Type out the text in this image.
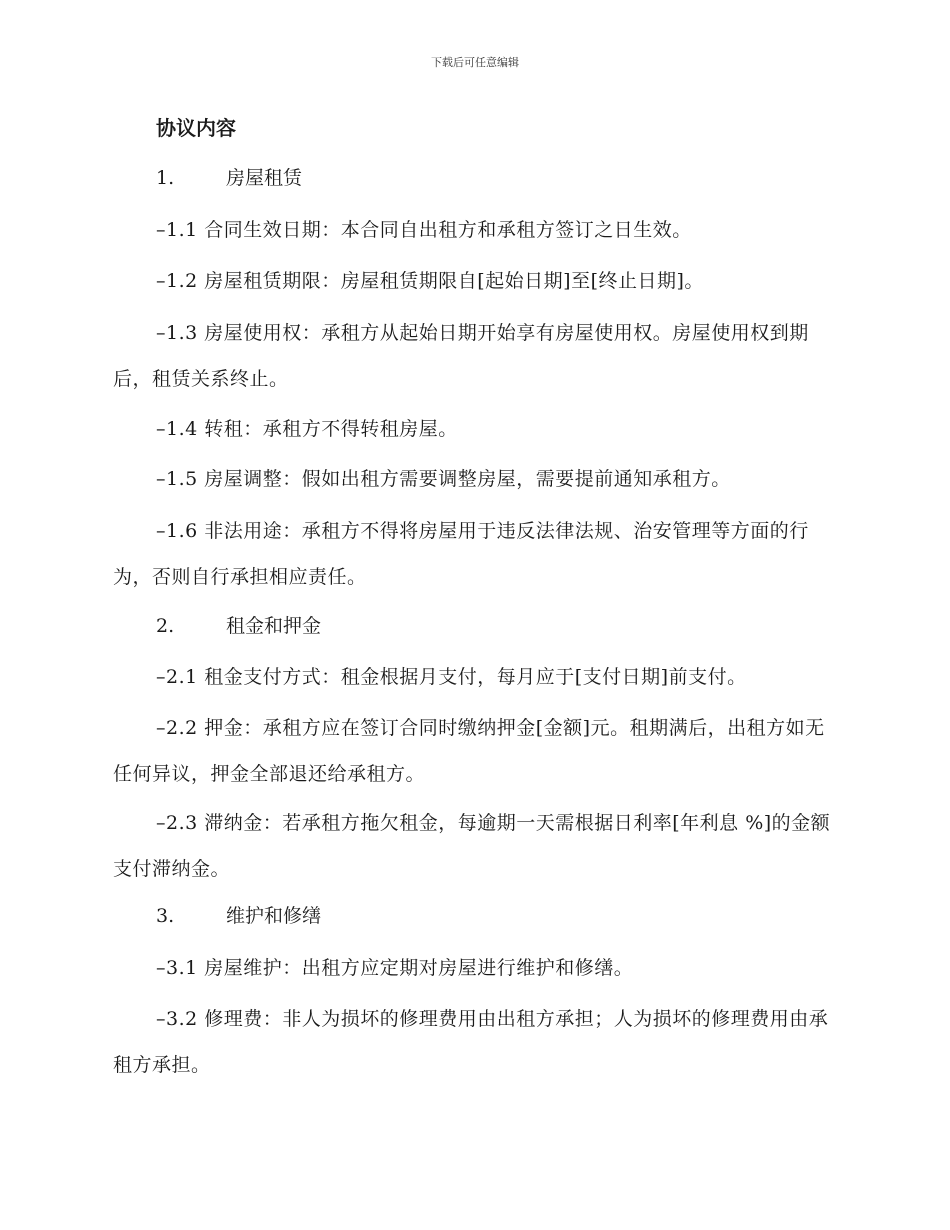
下载后可任意编辑
协议内容
1.	房屋租赁
–1.1 合同生效日期：本合同自出租方和承租方签订之日生效。
–1.2 房屋租赁期限：房屋租赁期限自[起始日期]至[终止日期]。
–1.3 房屋使用权：承租方从起始日期开始享有房屋使用权。房屋使用权到期后，租赁关系终止。
–1.4 转租：承租方不得转租房屋。
–1.5 房屋调整：假如出租方需要调整房屋，需要提前通知承租方。
–1.6 非法用途：承租方不得将房屋用于违反法律法规、治安管理等方面的行为，否则自行承担相应责任。
2.	租金和押金
–2.1 租金支付方式：租金根据月支付，每月应于[支付日期]前支付。
–2.2 押金：承租方应在签订合同时缴纳押金[金额]元。租期满后，出租方如无任何异议，押金全部退还给承租方。
–2.3 滞纳金：若承租方拖欠租金，每逾期一天需根据日利率[年利息 %]的金额支付滞纳金。
3.	维护和修缮
–3.1 房屋维护：出租方应定期对房屋进行维护和修缮。
–3.2 修理费：非人为损坏的修理费用由出租方承担；人为损坏的修理费用由承租方承担。
